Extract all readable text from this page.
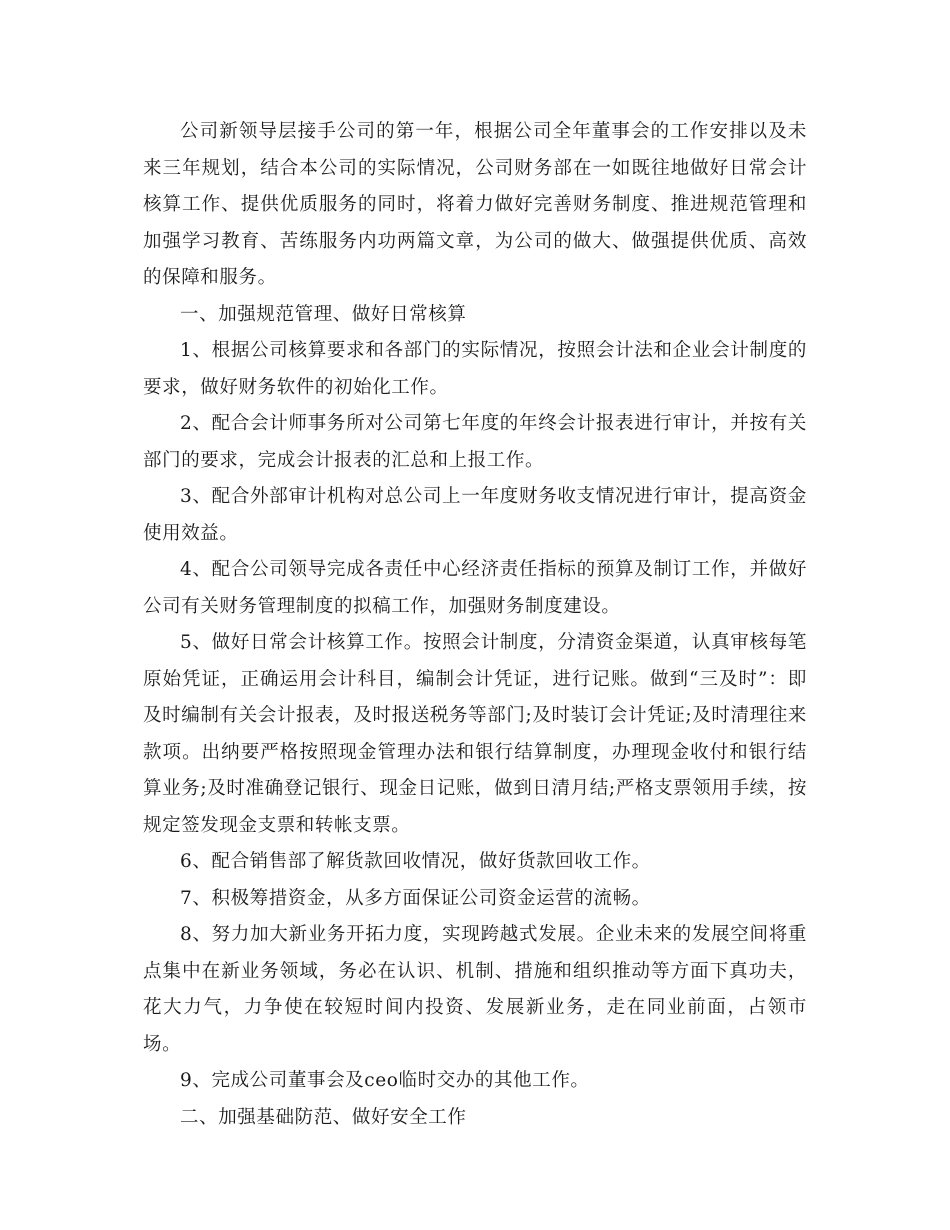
公司新领导层接手公司的第一年，根据公司全年董事会的工作安排以及未来三年规划，结合本公司的实际情况，公司财务部在一如既往地做好日常会计核算工作、提供优质服务的同时，将着力做好完善财务制度、推进规范管理和加强学习教育、苦练服务内功两篇文章，为公司的做大、做强提供优质、高效的保障和服务。

一、加强规范管理、做好日常核算

1、根据公司核算要求和各部门的实际情况，按照会计法和企业会计制度的要求，做好财务软件的初始化工作。

2、配合会计师事务所对公司第七年度的年终会计报表进行审计，并按有关部门的要求，完成会计报表的汇总和上报工作。

3、配合外部审计机构对总公司上一年度财务收支情况进行审计，提高资金使用效益。

4、配合公司领导完成各责任中心经济责任指标的预算及制订工作，并做好公司有关财务管理制度的拟稿工作，加强财务制度建设。

5、做好日常会计核算工作。按照会计制度，分清资金渠道，认真审核每笔原始凭证，正确运用会计科目，编制会计凭证，进行记账。做到“三及时”：即及时编制有关会计报表，及时报送税务等部门;及时装订会计凭证;及时清理往来款项。出纳要严格按照现金管理办法和银行结算制度，办理现金收付和银行结算业务;及时准确登记银行、现金日记账，做到日清月结;严格支票领用手续，按规定签发现金支票和转帐支票。

6、配合销售部了解货款回收情况，做好货款回收工作。

7、积极筹措资金，从多方面保证公司资金运营的流畅。

8、努力加大新业务开拓力度，实现跨越式发展。企业未来的发展空间将重点集中在新业务领域，务必在认识、机制、措施和组织推动等方面下真功夫，花大力气，力争使在较短时间内投资、发展新业务，走在同业前面，占领市场。

9、完成公司董事会及ceo临时交办的其他工作。

二、加强基础防范、做好安全工作
